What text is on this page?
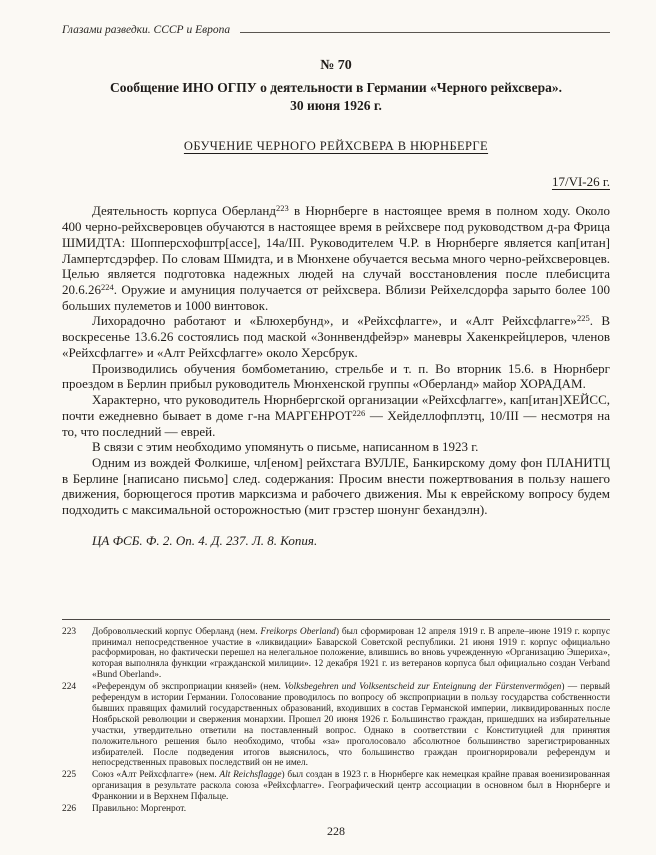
Глазами разведки. СССР и Европа
№ 70
Сообщение ИНО ОГПУ о деятельности в Германии «Черного рейхсвера».
30 июня 1926 г.
ОБУЧЕНИЕ ЧЕРНОГО РЕЙХСВЕРА В НЮРНБЕРГЕ
17/VI-26 г.

Деятельность корпуса Оберланд$^{223}$ в Нюрнберге в настоящее время в полном ходу. Около 400 черно-рейхсверовцев обучаются в настоящее время в рейхсвере под руководством д-ра Фрица ШМИДТА: Шопперсхофштр[ассе], 14а/III. Руководителем Ч.Р. в Нюрнберге является кап[итан] Лампертсдэрфер. По словам Шмидта, и в Мюнхене обучается весьма много черно-рейхсверовцев. Целью является подготовка надежных людей на случай восстановления после плебисцита 20.6.26$^{224}$. Оружие и амуниция получается от рейхсвера. Вблизи Рейхелсдорфа зарыто более 100 больших пулеметов и 1000 винтовок.

Лихорадочно работают и «Блюхербунд», и «Рейхсфлагге», и «Алт Рейхсфлагге»$^{225}$. В воскресенье 13.6.26 состоялись под маской «Зоннвендфейэр» маневры Хакенкрейцлеров, членов «Рейхсфлагге» и «Алт Рейхсфлагге» около Херсбрук.

Производились обучения бомбометанию, стрельбе и т. п. Во вторник 15.6. в Нюрнберг проездом в Берлин прибыл руководитель Мюнхенской группы «Оберланд» майор ХОРАДАМ.

Характерно, что руководитель Нюрнбергской организации «Рейхсфлагге», кап[итан]ХЕЙСС, почти ежедневно бывает в доме г-на МАРГЕНРОТ$^{226}$ — Хейделлофплэтц, 10/III — несмотря на то, что последний — еврей.

В связи с этим необходимо упомянуть о письме, написанном в 1923 г.

Одним из вождей Фолкише, чл[еном] рейхстага ВУЛЛЕ, Банкирскому дому фон ПЛАНИТЦ в Берлине [написано письмо] след. содержания: Просим внести пожертвования в пользу нашего движения, борющегося против марксизма и рабочего движения. Мы к еврейскому вопросу будем подходить с максимальной осторожностью (мит грэстер шонунг бехандэлн).

ЦА ФСБ. Ф. 2. Оп. 4. Д. 237. Л. 8. Копия.
223	Добровольческий корпус Оберланд (нем. Freikorps Oberland) был сформирован 12 апреля 1919 г. В апреле–июне 1919 г. корпус принимал непосредственное участие в «ликвидации» Баварской Советской республики. 21 июня 1919 г. корпус официально расформирован, но фактически перешел на нелегальное положение, влившись во вновь учрежденную «Организацию Эшериха», которая выполняла функции «гражданской милиции». 12 декабря 1921 г. из ветеранов корпуса был официально создан Verband «Bund Oberland».
224	«Референдум об экспроприации князей» (нем. Volksbegehren und Volksentscheid zur Enteignung der Fürstenvermögen) — первый референдум в истории Германии. Голосование проводилось по вопросу об экспроприации в пользу государства собственности бывших правящих фамилий государственных образований, входивших в состав Германской империи, ликвидированных после Ноябрьской революции и свержения монархии. Прошел 20 июня 1926 г. Большинство граждан, пришедших на избирательные участки, утвердительно ответили на поставленный вопрос. Однако в соответствии с Конституцией для принятия положительного решения было необходимо, чтобы «за» проголосовало абсолютное большинство зарегистрированных избирателей. После подведения итогов выяснилось, что большинство граждан проигнорировали референдум и непосредственных правовых последствий он не имел.
225	Союз «Алт Рейхсфлагге» (нем. Alt Reichsflagge) был создан в 1923 г. в Нюрнберге как немецкая крайне правая военизированная организация в результате раскола союза «Рейхсфлагге». Географический центр ассоциации в основном был в Нюрнберге и Франконии и в Верхнем Пфальце.
226	Правильно: Моргенрот.
228
